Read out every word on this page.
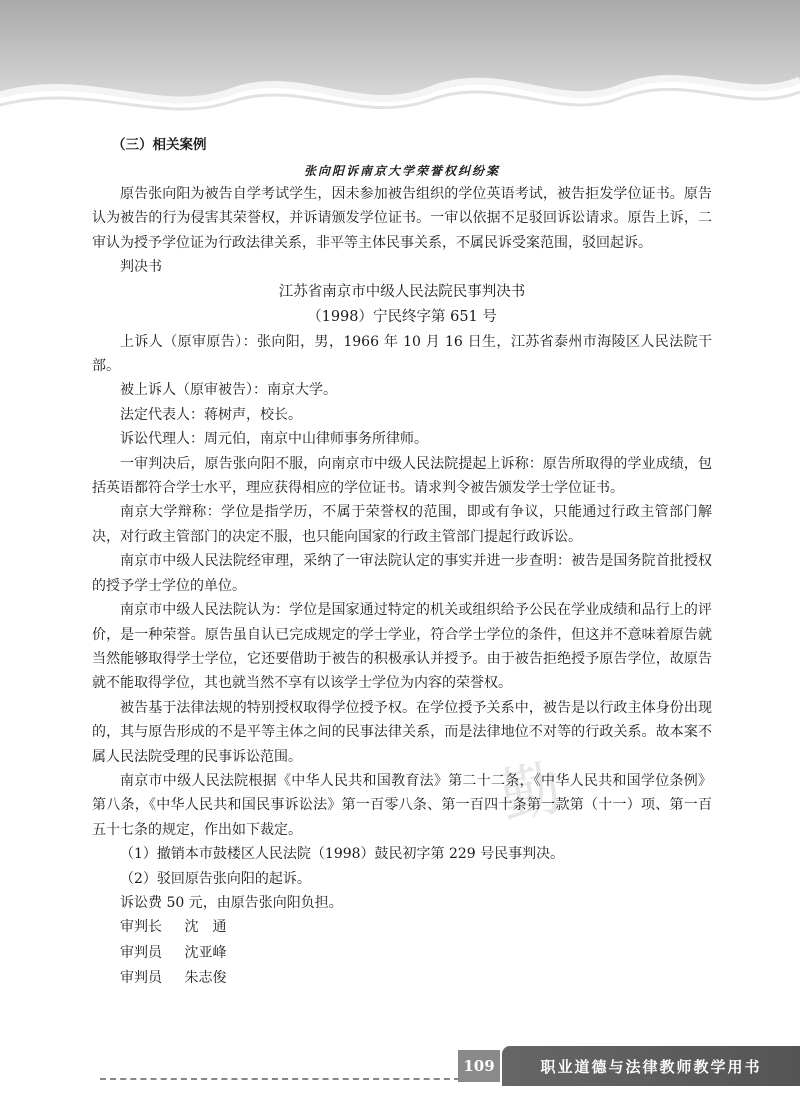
勤
（三）相关案例

张向阳诉南京大学荣誉权纠纷案

原告张向阳为被告自学考试学生，因未参加被告组织的学位英语考试，被告拒发学位证书。原告认为被告的行为侵害其荣誉权，并诉请颁发学位证书。一审以依据不足驳回诉讼请求。原告上诉，二审认为授予学位证为行政法律关系，非平等主体民事关系，不属民诉受案范围，驳回起诉。

判决书

江苏省南京市中级人民法院民事判决书

（1998）宁民终字第 651 号

上诉人（原审原告）：张向阳，男，1966 年 10 月 16 日生，江苏省泰州市海陵区人民法院干部。

被上诉人（原审被告）：南京大学。

法定代表人：蒋树声，校长。

诉讼代理人：周元伯，南京中山律师事务所律师。

一审判决后，原告张向阳不服，向南京市中级人民法院提起上诉称：原告所取得的学业成绩，包括英语都符合学士水平，理应获得相应的学位证书。请求判令被告颁发学士学位证书。

南京大学辩称：学位是指学历，不属于荣誉权的范围，即或有争议，只能通过行政主管部门解决，对行政主管部门的决定不服，也只能向国家的行政主管部门提起行政诉讼。

南京市中级人民法院经审理，采纳了一审法院认定的事实并进一步查明：被告是国务院首批授权的授予学士学位的单位。

南京市中级人民法院认为：学位是国家通过特定的机关或组织给予公民在学业成绩和品行上的评价，是一种荣誉。原告虽自认已完成规定的学士学业，符合学士学位的条件，但这并不意味着原告就当然能够取得学士学位，它还要借助于被告的积极承认并授予。由于被告拒绝授予原告学位，故原告就不能取得学位，其也就当然不享有以该学士学位为内容的荣誉权。

被告基于法律法规的特别授权取得学位授予权。在学位授予关系中，被告是以行政主体身份出现的，其与原告形成的不是平等主体之间的民事法律关系，而是法律地位不对等的行政关系。故本案不属人民法院受理的民事诉讼范围。

南京市中级人民法院根据《中华人民共和国教育法》第二十二条，《中华人民共和国学位条例》第八条，《中华人民共和国民事诉讼法》第一百零八条、第一百四十条第一款第（十一）项、第一百五十七条的规定，作出如下裁定。

（1）撤销本市鼓楼区人民法院（1998）鼓民初字第 229 号民事判决。

（2）驳回原告张向阳的起诉。

诉讼费 50 元，由原告张向阳负担。

审判长 沈　通
审判员 沈亚峰
审判员 朱志俊
109	职业道德与法律教师教学用书
